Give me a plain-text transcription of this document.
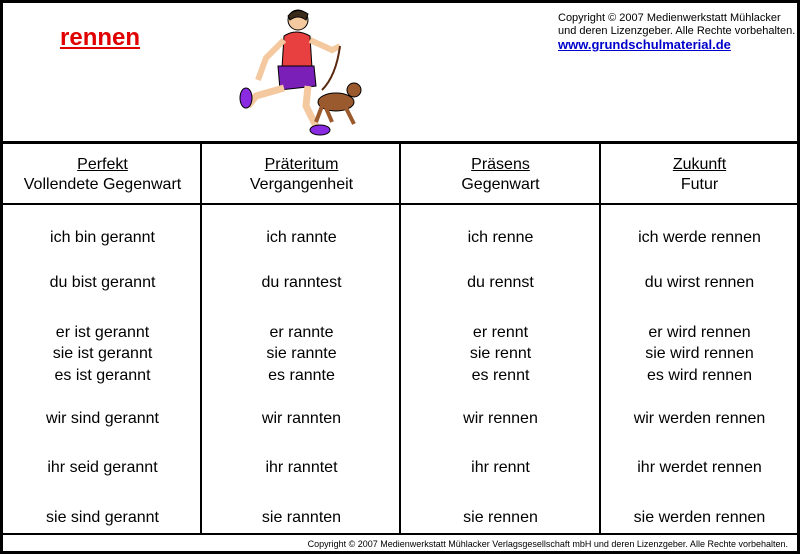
rennen
Copyright © 2007 Medienwerkstatt Mühlacker
und deren Lizenzgeber. Alle Rechte vorbehalten.
www.grundschulmaterial.de
Perfekt
Vollendete Gegenwart
ich bin gerannt
du bist gerannt
er ist gerannt
sie ist gerannt
es ist gerannt
wir sind gerannt
ihr seid gerannt
sie sind gerannt
Präteritum
Vergangenheit
ich rannte
du ranntest
er rannte
sie rannte
es rannte
wir rannten
ihr ranntet
sie rannten
Präsens
Gegenwart
ich renne
du rennst
er rennt
sie rennt
es rennt
wir rennen
ihr rennt
sie rennen
Zukunft
Futur
ich werde rennen
du wirst rennen
er wird rennen
sie wird rennen
es wird rennen
wir werden rennen
ihr werdet rennen
sie werden rennen
Copyright © 2007 Medienwerkstatt Mühlacker Verlagsgesellschaft mbH und deren Lizenzgeber. Alle Rechte vorbehalten.
